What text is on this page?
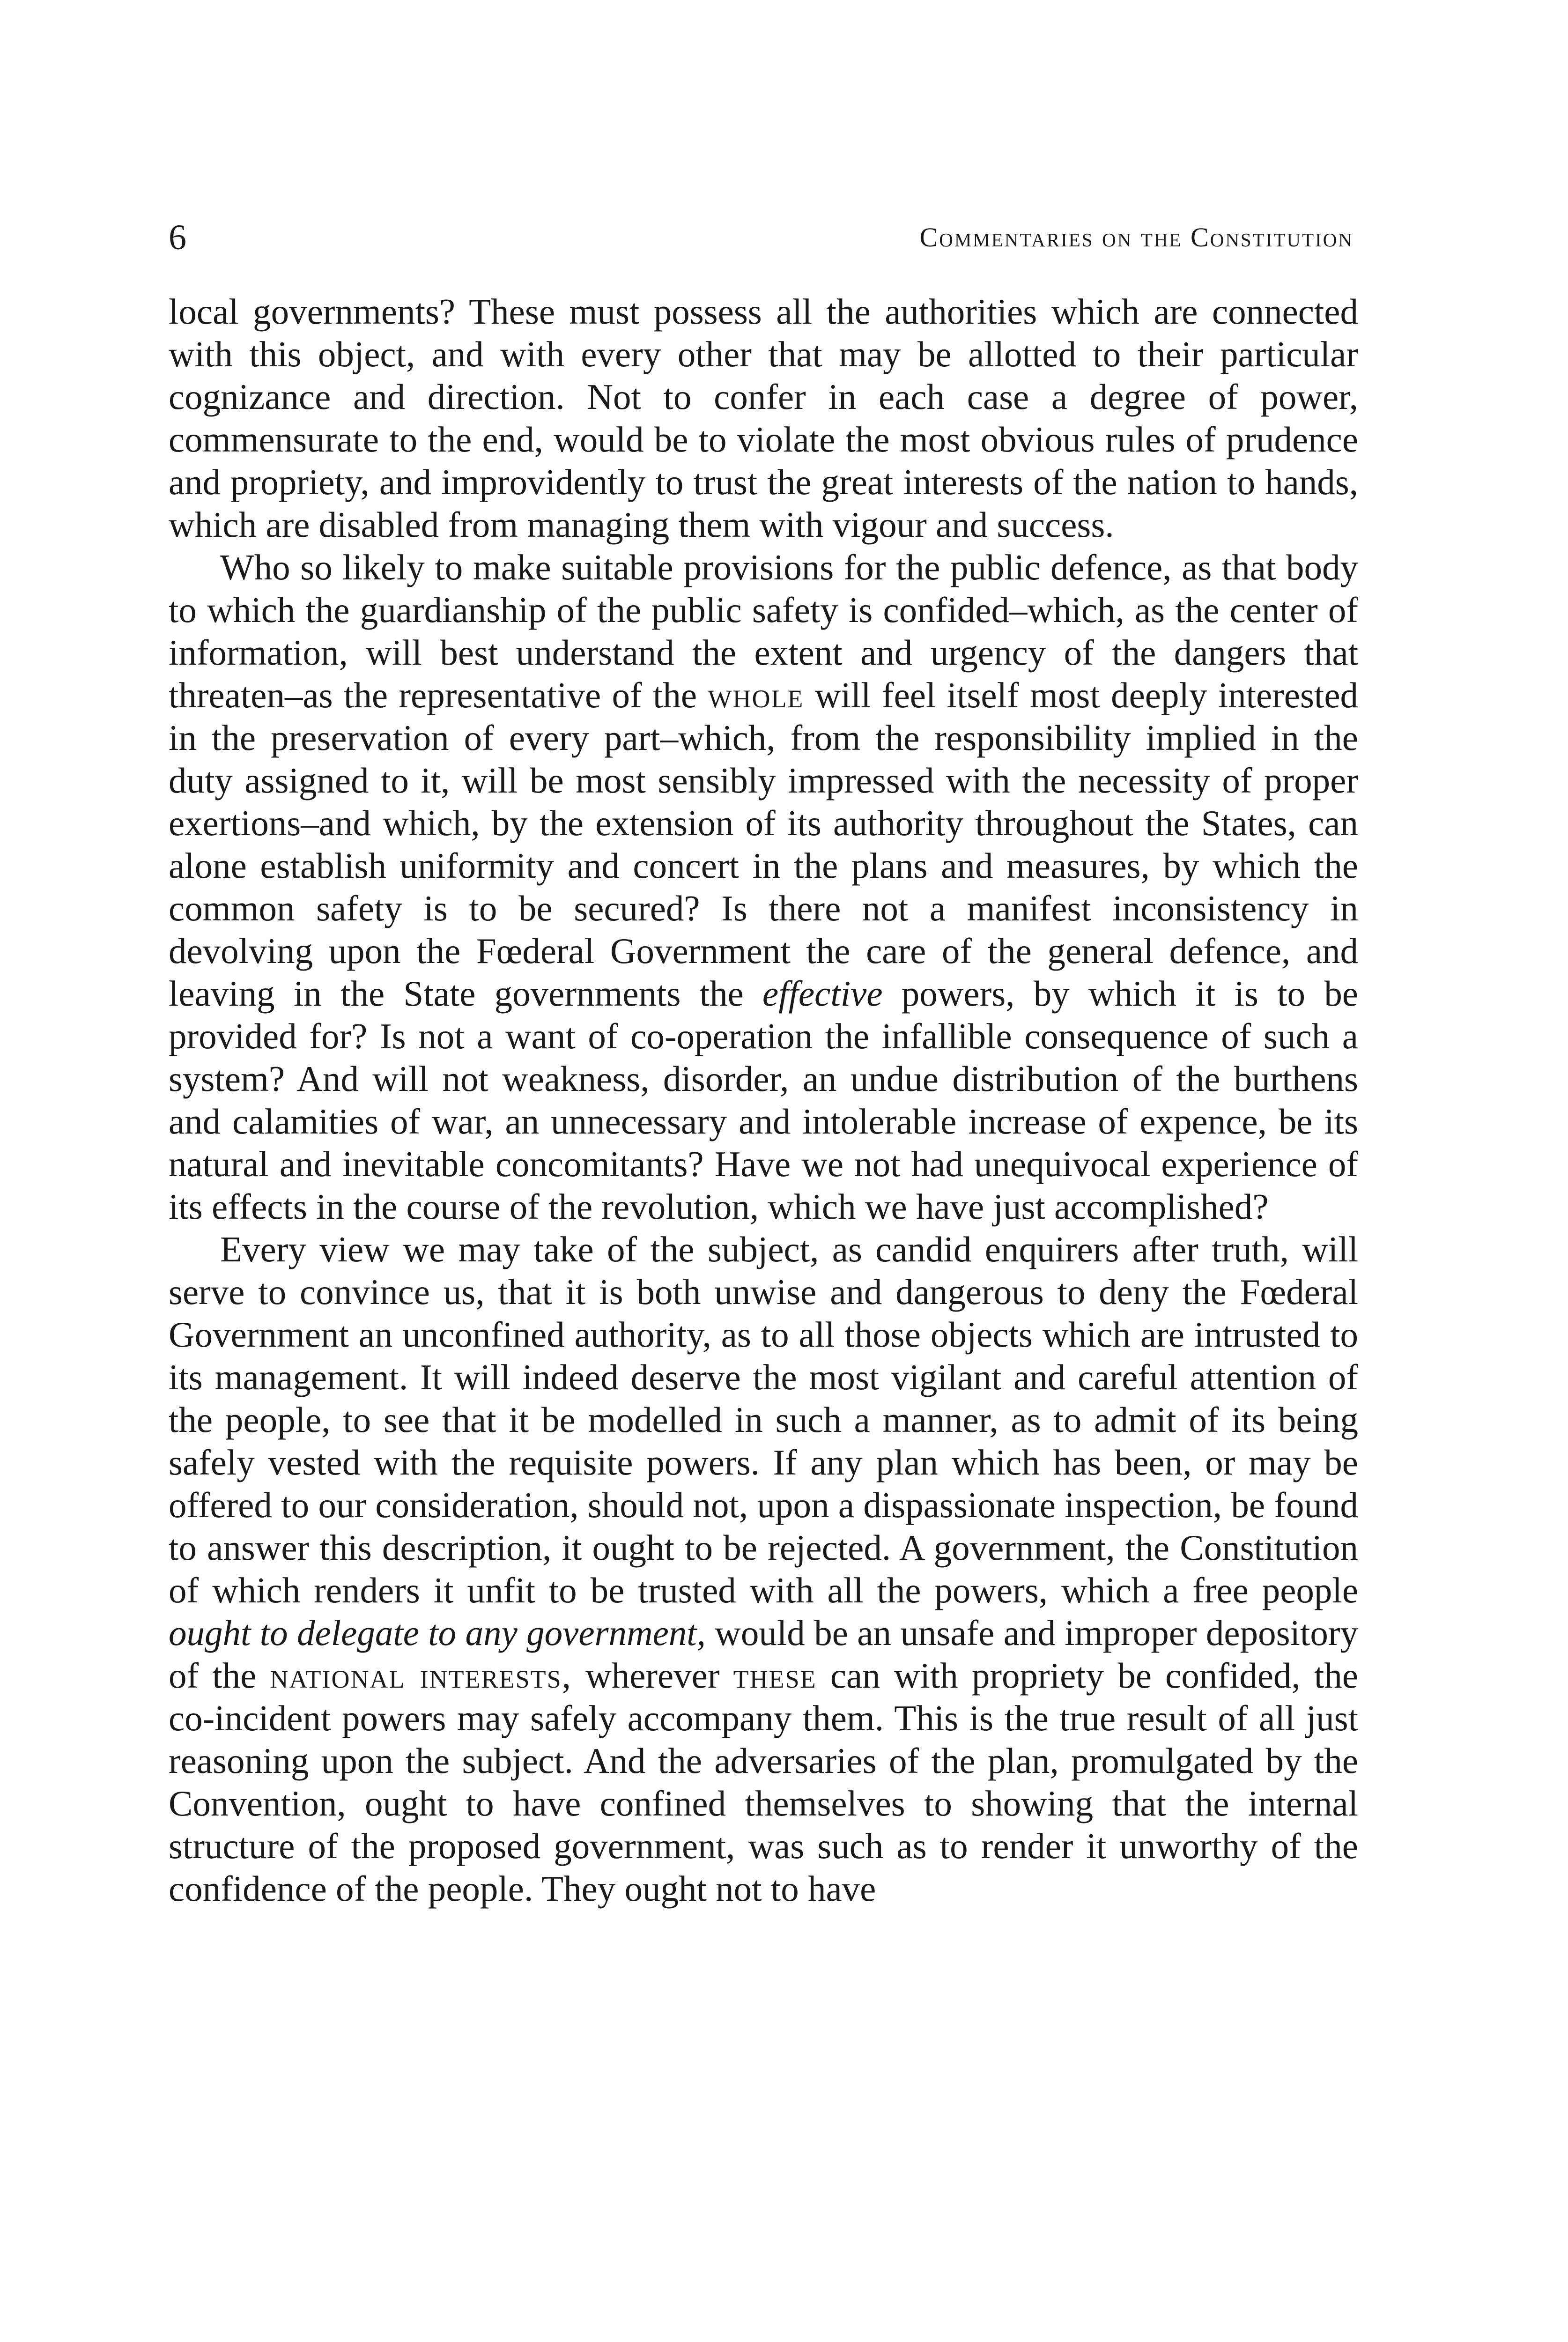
6	Commentaries on the Constitution

local governments? These must possess all the authorities which are connected with this object, and with every other that may be allotted to their particular cognizance and direction. Not to confer in each case a degree of power, commensurate to the end, would be to violate the most obvious rules of prudence and propriety, and improvidently to trust the great interests of the nation to hands, which are disabled from managing them with vigour and success.

Who so likely to make suitable provisions for the public defence, as that body to which the guardianship of the public safety is confided–which, as the center of information, will best understand the extent and urgency of the dangers that threaten–as the representative of the whole will feel itself most deeply interested in the preservation of every part–which, from the responsibility implied in the duty assigned to it, will be most sensibly impressed with the necessity of proper exertions–and which, by the extension of its authority throughout the States, can alone establish uniformity and concert in the plans and measures, by which the common safety is to be secured? Is there not a manifest inconsistency in devolving upon the Fœderal Government the care of the general defence, and leaving in the State governments the effective powers, by which it is to be provided for? Is not a want of co-operation the infallible consequence of such a system? And will not weakness, disorder, an undue distribution of the burthens and calamities of war, an unnecessary and intolerable increase of expence, be its natural and inevitable concomitants? Have we not had unequivocal experience of its effects in the course of the revolution, which we have just accomplished?

Every view we may take of the subject, as candid enquirers after truth, will serve to convince us, that it is both unwise and dangerous to deny the Fœderal Government an unconfined authority, as to all those objects which are intrusted to its management. It will indeed deserve the most vigilant and careful attention of the people, to see that it be modelled in such a manner, as to admit of its being safely vested with the requisite powers. If any plan which has been, or may be offered to our consideration, should not, upon a dispassionate inspection, be found to answer this description, it ought to be rejected. A government, the Constitution of which renders it unfit to be trusted with all the powers, which a free people ought to delegate to any government, would be an unsafe and improper depository of the national interests, wherever these can with propriety be confided, the co-incident powers may safely accompany them. This is the true result of all just reasoning upon the subject. And the adversaries of the plan, promulgated by the Convention, ought to have confined themselves to showing that the internal structure of the proposed government, was such as to render it unworthy of the confidence of the people. They ought not to have
